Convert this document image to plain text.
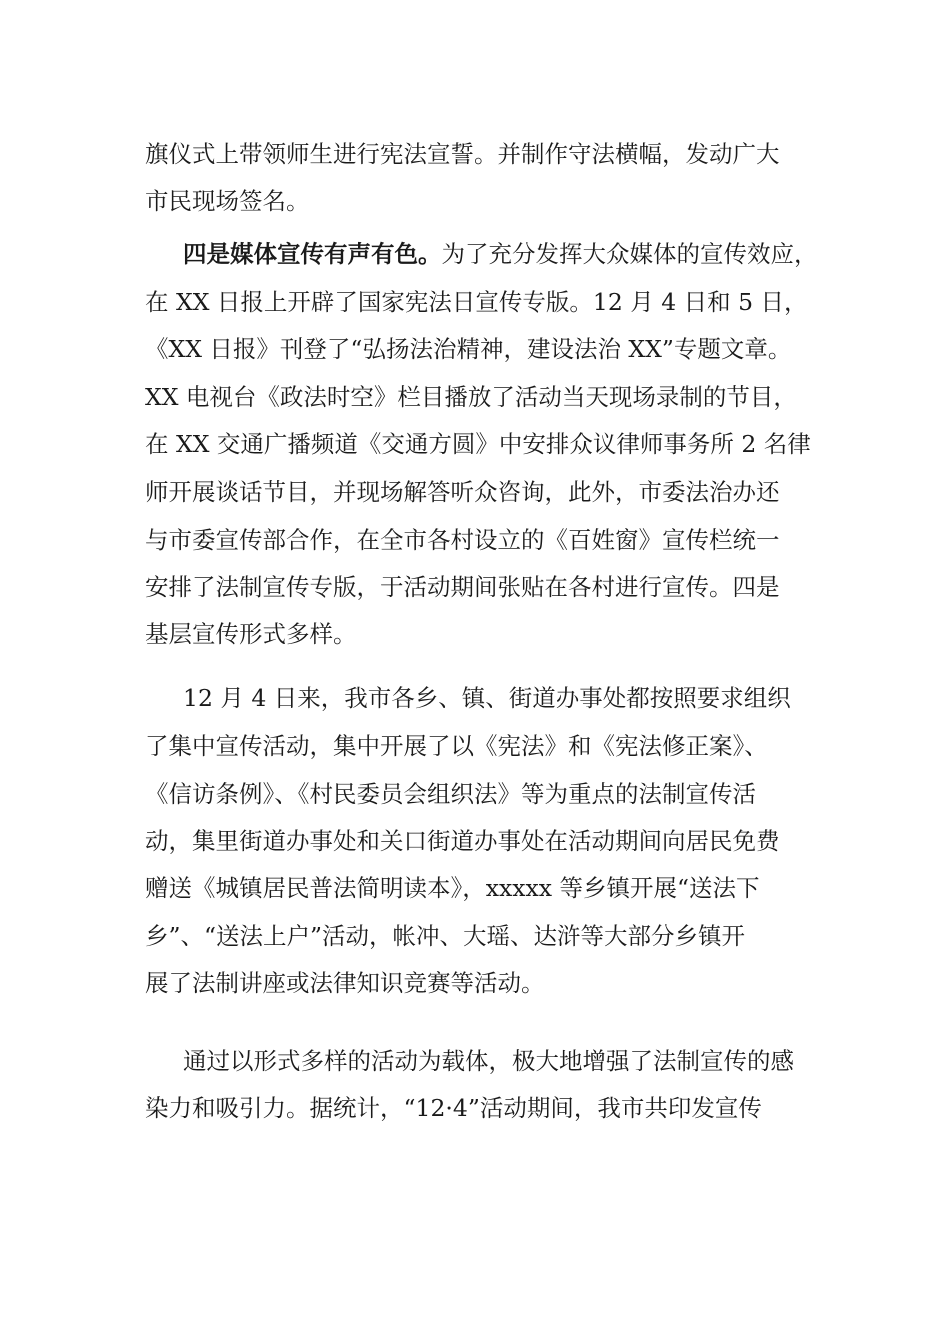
旗仪式上带领师生进行宪法宣誓。并制作守法横幅，发动广大
市民现场签名。
四是媒体宣传有声有色。为了充分发挥大众媒体的宣传效应，
在 XX 日报上开辟了国家宪法日宣传专版。12 月 4 日和 5 日，
《XX 日报》刊登了“弘扬法治精神，建设法治 XX”专题文章。
XX 电视台《政法时空》栏目播放了活动当天现场录制的节目，
在 XX 交通广播频道《交通方圆》中安排众议律师事务所 2 名律
师开展谈话节目，并现场解答听众咨询，此外，市委法治办还
与市委宣传部合作，在全市各村设立的《百姓窗》宣传栏统一
安排了法制宣传专版，于活动期间张贴在各村进行宣传。四是
基层宣传形式多样。
12 月 4 日来，我市各乡、镇、街道办事处都按照要求组织
了集中宣传活动，集中开展了以《宪法》和《宪法修正案》、
《信访条例》、《村民委员会组织法》等为重点的法制宣传活
动，集里街道办事处和关口街道办事处在活动期间向居民免费
赠送《城镇居民普法简明读本》，xxxxx 等乡镇开展“送法下
乡”、“送法上户”活动，帐冲、大瑶、达浒等大部分乡镇开
展了法制讲座或法律知识竞赛等活动。
通过以形式多样的活动为载体，极大地增强了法制宣传的感
染力和吸引力。据统计，“12·4”活动期间，我市共印发宣传
